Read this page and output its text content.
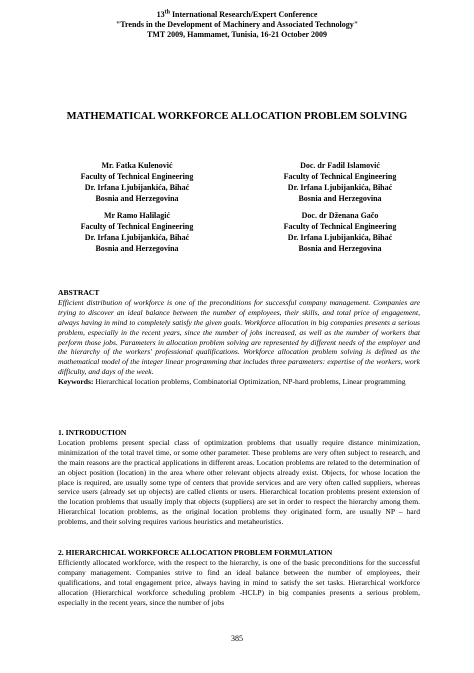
13th International Research/Expert Conference
"Trends in the Development of Machinery and Associated Technology"
TMT 2009, Hammamet, Tunisia, 16-21 October 2009
MATHEMATICAL WORKFORCE ALLOCATION PROBLEM SOLVING
Mr. Fatka Kulenović
Faculty of Technical Engineering
Dr. Irfana Ljubijankića, Bihać
Bosnia and Herzegovina
Doc. dr Fadil Islamović
Faculty of Technical Engineering
Dr. Irfana Ljubijankića, Bihać
Bosnia and Herzegovina
Mr Ramo Halilagić
Faculty of Technical Engineering
Dr. Irfana Ljubijankića, Bihać
Bosnia and Herzegovina
Doc. dr Dženana Gačo
Faculty of Technical Engineering
Dr. Irfana Ljubijankića, Bihać
Bosnia and Herzegovina
ABSTRACT
Efficient distribution of workforce is one of the preconditions for successful company management. Companies are trying to discover an ideal balance between the number of employees, their skills, and total price of engagement, always having in mind to completely satisfy the given goals. Workforce allocation in big companies presents a serious problem, especially in the recent years, since the number of jobs increased, as well as the number of workers that perform those jobs. Parameters in allocation problem solving are represented by different needs of the employer and the hierarchy of the workers' professional qualifications. Workforce allocation problem solving is defined as the mathematical model of the integer linear programming that includes three parameters: expertise of the workers, work difficulty, and days of the week.
Keywords: Hierarchical location problems, Combinatorial Optimization, NP-hard problems, Linear programming
1. INTRODUCTION
Location problems present special class of optimization problems that usually require distance minimization, minimization of the total travel time, or some other parameter. These problems are very often subject to research, and the main reasons are the practical applications in different areas. Location problems are related to the determination of an object position (location) in the area where other relevant objects already exist. Objects, for whose location the place is required, are usually some type of centers that provide services and are very often called suppliers, whereas service users (already set up objects) are called clients or users. Hierarchical location problems present extension of the location problems that usually imply that objects (suppliers) are set in order to respect the hierarchy among them. Hierarchical location problems, as the original location problems they originated form, are usually NP – hard problems, and their solving requires various heuristics and metaheuristics.
2. HIERARCHICAL WORKFORCE ALLOCATION PROBLEM FORMULATION
Efficiently allocated workforce, with the respect to the hierarchy, is one of the basic preconditions for the successful company management. Companies strive to find an ideal balance between the number of employees, their qualifications, and total engagement price, always having in mind to satisfy the set tasks. Hierarchical workforce allocation (Hierarchical workforce scheduling problem -HCLP) in big companies presents a serious problem, especially in the recent years, since the number of jobs
385
